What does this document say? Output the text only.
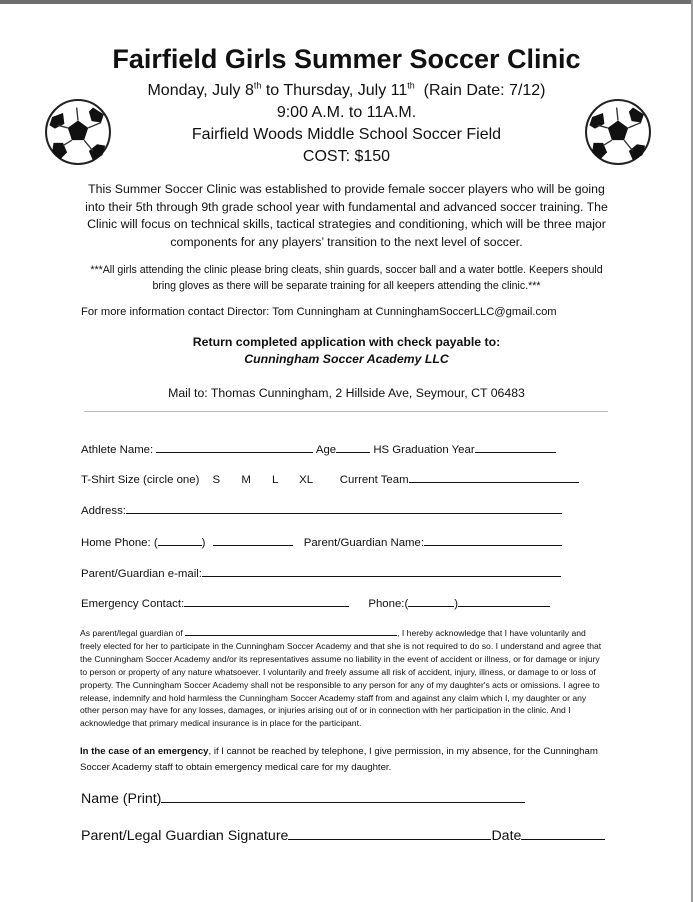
Fairfield Girls Summer Soccer Clinic
Monday, July 8th to Thursday, July 11th  (Rain Date: 7/12)
9:00 A.M. to 11A.M.
Fairfield Woods Middle School Soccer Field
COST: $150
This Summer Soccer Clinic was established to provide female soccer players who will be going into their 5th through 9th grade school year with fundamental and advanced soccer training. The Clinic will focus on technical skills, tactical strategies and conditioning, which will be three major components for any players’ transition to the next level of soccer.
***All girls attending the clinic please bring cleats, shin guards, soccer ball and a water bottle. Keepers should bring gloves as there will be separate training for all keepers attending the clinic.***
For more information contact Director: Tom Cunningham at CunninghamSoccerLLC@gmail.com
Return completed application with check payable to:
Cunningham Soccer Academy LLC
Mail to: Thomas Cunningham, 2 Hillside Ave, Seymour, CT 06483
Athlete Name:	Age	HS Graduation Year
T-Shirt Size (circle one) S M L XL Current Team
Address:
Home Phone: (	)	Parent/Guardian Name:
Parent/Guardian e-mail:
Emergency Contact:	Phone:(	)
As parent/legal guardian of	, I hereby acknowledge that I have voluntarily and freely elected for her to participate in the Cunningham Soccer Academy and that she is not required to do so. I understand and agree that the Cunningham Soccer Academy and/or its representatives assume no liability in the event of accident or illness, or for damage or injury to person or property of any nature whatsoever. I voluntarily and freely assume all risk of accident, injury, illness, or damage to or loss of property. The Cunningham Soccer Academy shall not be responsible to any person for any of my daughter's acts or omissions. I agree to release, indemnify and hold harmless the Cunningham Soccer Academy staff from and against any claim which I, my daughter or any other person may have for any losses, damages, or injuries arising out of or in connection with her participation in the clinic. And I acknowledge that primary medical insurance is in place for the participant.
In the case of an emergency, if I cannot be reached by telephone, I give permission, in my absence, for the Cunningham Soccer Academy staff to obtain emergency medical care for my daughter.
Name (Print)
Parent/Legal Guardian Signature	Date
